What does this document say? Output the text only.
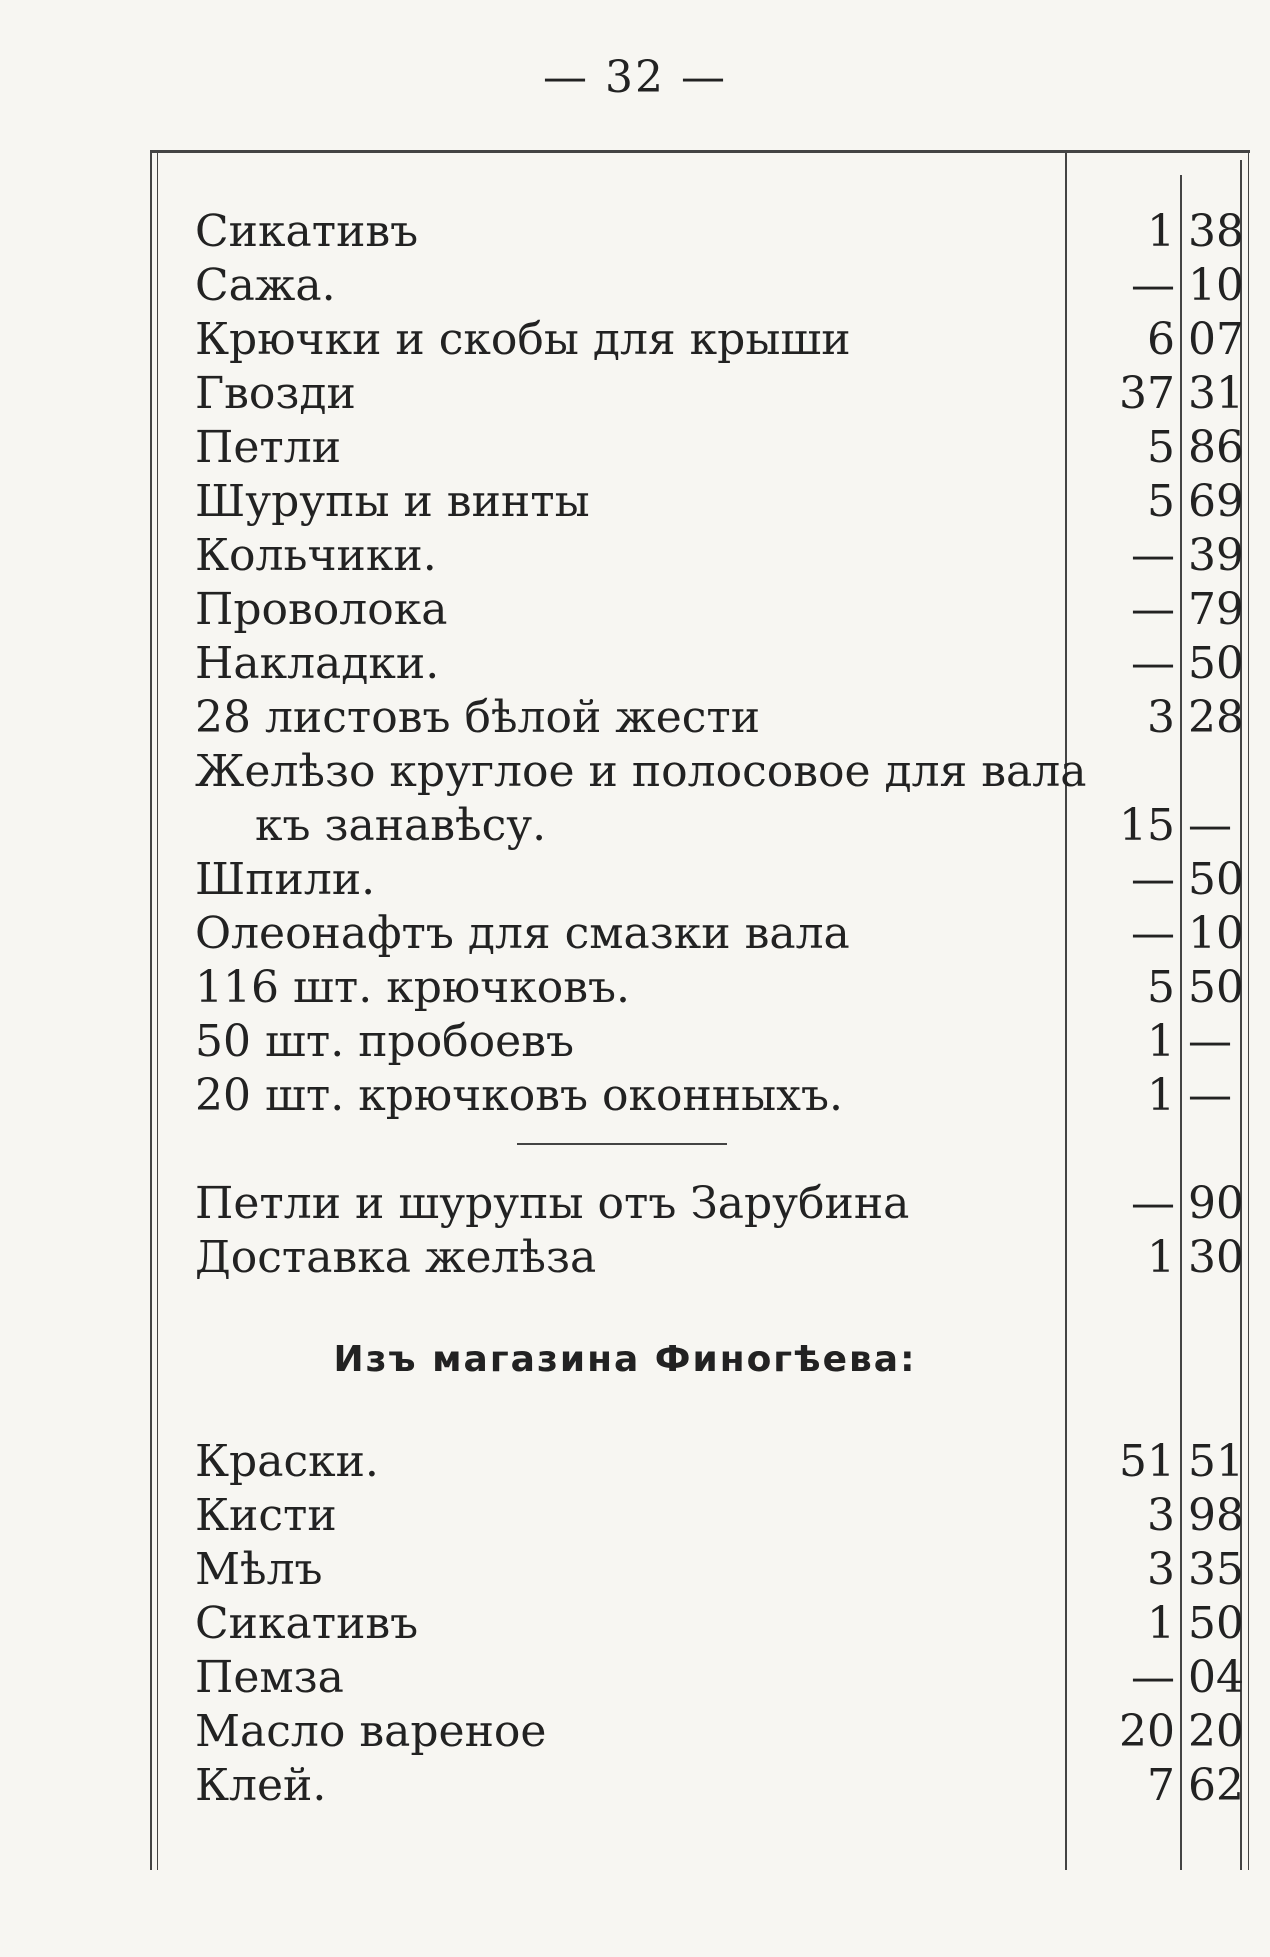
— 32 —
Сикативъ	1 38
Сажа.	— 10
Крючки и скобы для крыши	6 07
Гвозди	37 31
Петли	5 86
Шурупы и винты	5 69
Кольчики.	— 39
Проволока	— 79
Накладки.	— 50
28 листовъ бѣлой жести	3 28
Желѣзо круглое и полосовое для вала
къ занавѣсу.	15 —
Шпили.	— 50
Олеонафтъ для смазки вала	— 10
116 шт. крючковъ.	5 50
50 шт. пробоевъ	1 —
20 шт. крючковъ оконныхъ.	1 —
Петли и шурупы отъ Зарубина	— 90
Доставка желѣза	1 30
Изъ магазина Финогѣева:
Краски.	51 51
Кисти	3 98
Мѣлъ	3 35
Сикативъ	1 50
Пемза	— 04
Масло вареное	20 20
Клей.	7 62
